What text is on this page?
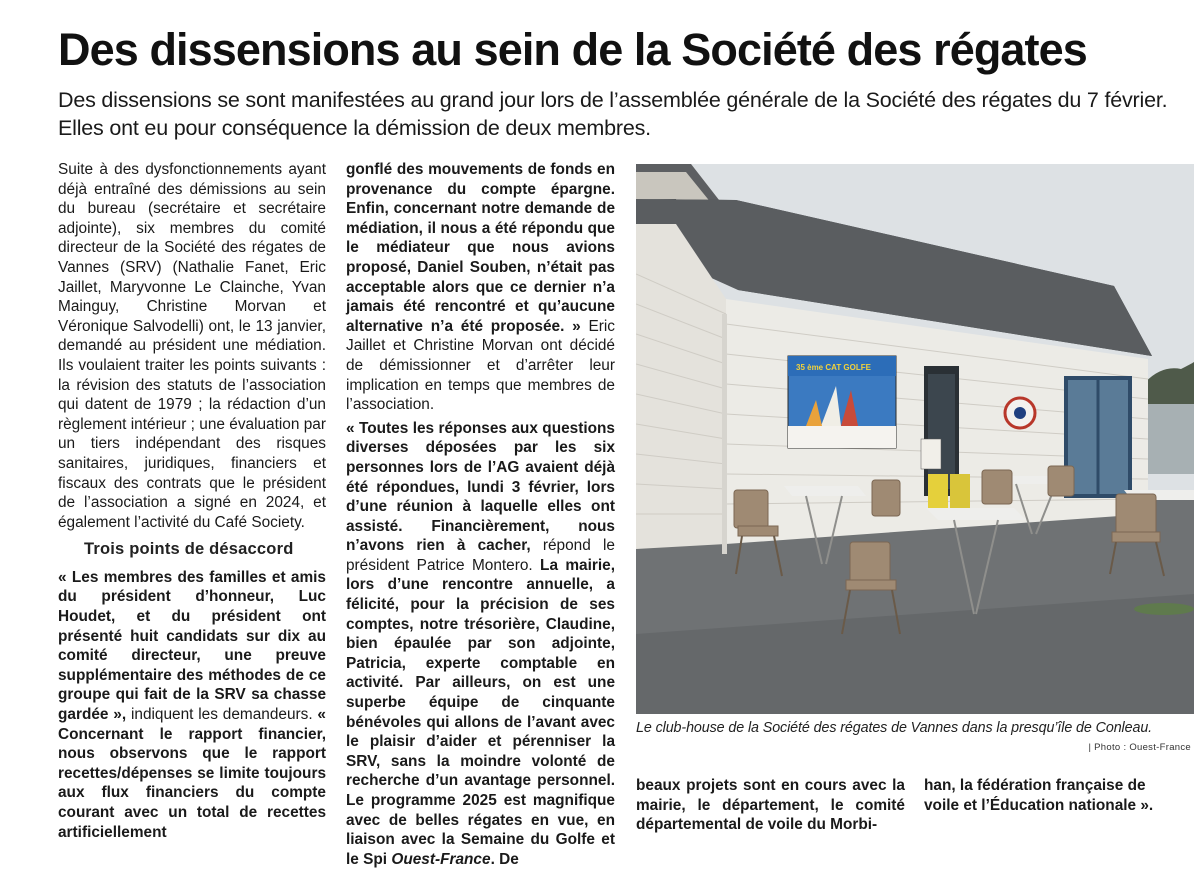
Des dissensions au sein de la Société des régates
Des dissensions se sont manifestées au grand jour lors de l’assemblée générale de la Société des régates du 7 février. Elles ont eu pour conséquence la démission de deux membres.

Suite à des dysfonctionnements ayant déjà entraîné des démissions au sein du bureau (secrétaire et secrétaire adjointe), six membres du comité directeur de la Société des régates de Vannes (SRV) (Nathalie Fanet, Eric Jaillet, Maryvonne Le Clainche, Yvan Mainguy, Christine Morvan et Véronique Salvodelli) ont, le 13 janvier, demandé au président une médiation. Ils voulaient traiter les points suivants : la révision des statuts de l’association qui datent de 1979 ; la rédaction d’un règlement intérieur ; une évaluation par un tiers indépendant des risques sanitaires, juridiques, financiers et fiscaux des contrats que le président de l’association a signé en 2024, et également l’activité du Café Society.

Trois points de désaccord

« Les membres des familles et amis du président d’honneur, Luc Houdet, et du président ont présenté huit candidats sur dix au comité directeur, une preuve supplémentaire des méthodes de ce groupe qui fait de la SRV sa chasse gardée », indiquent les demandeurs. « Concernant le rapport financier, nous observons que le rapport recettes/dépenses se limite toujours aux flux financiers du compte courant avec un total de recettes artificiellement

gonflé des mouvements de fonds en provenance du compte épargne. Enfin, concernant notre demande de médiation, il nous a été répondu que le médiateur que nous avions proposé, Daniel Souben, n’était pas acceptable alors que ce dernier n’a jamais été rencontré et qu’aucune alternative n’a été proposée. » Eric Jaillet et Christine Morvan ont décidé de démissionner et d’arrêter leur implication en temps que membres de l’association.

« Toutes les réponses aux questions diverses déposées par les six personnes lors de l’AG avaient déjà été répondues, lundi 3 février, lors d’une réunion à laquelle elles ont assisté. Financièrement, nous n’avons rien à cacher, répond le président Patrice Montero. La mairie, lors d’une rencontre annuelle, a félicité, pour la précision de ses comptes, notre trésorière, Claudine, bien épaulée par son adjointe, Patricia, experte comptable en activité. Par ailleurs, on est une superbe équipe de cinquante bénévoles qui allons de l’avant avec le plaisir d’aider et pérenniser la SRV, sans la moindre volonté de recherche d’un avantage personnel. Le programme 2025 est magnifique avec de belles régates en vue, en liaison avec la Semaine du Golfe et le Spi Ouest-France. De

35 ème CAT GOLFE
Le club-house de la Société des régates de Vannes dans la presqu’île de Conleau.
| Photo : Ouest-France

beaux projets sont en cours avec la mairie, le département, le comité départemental de voile du Morbi-

han, la fédération française de voile et l’Éducation nationale ».
